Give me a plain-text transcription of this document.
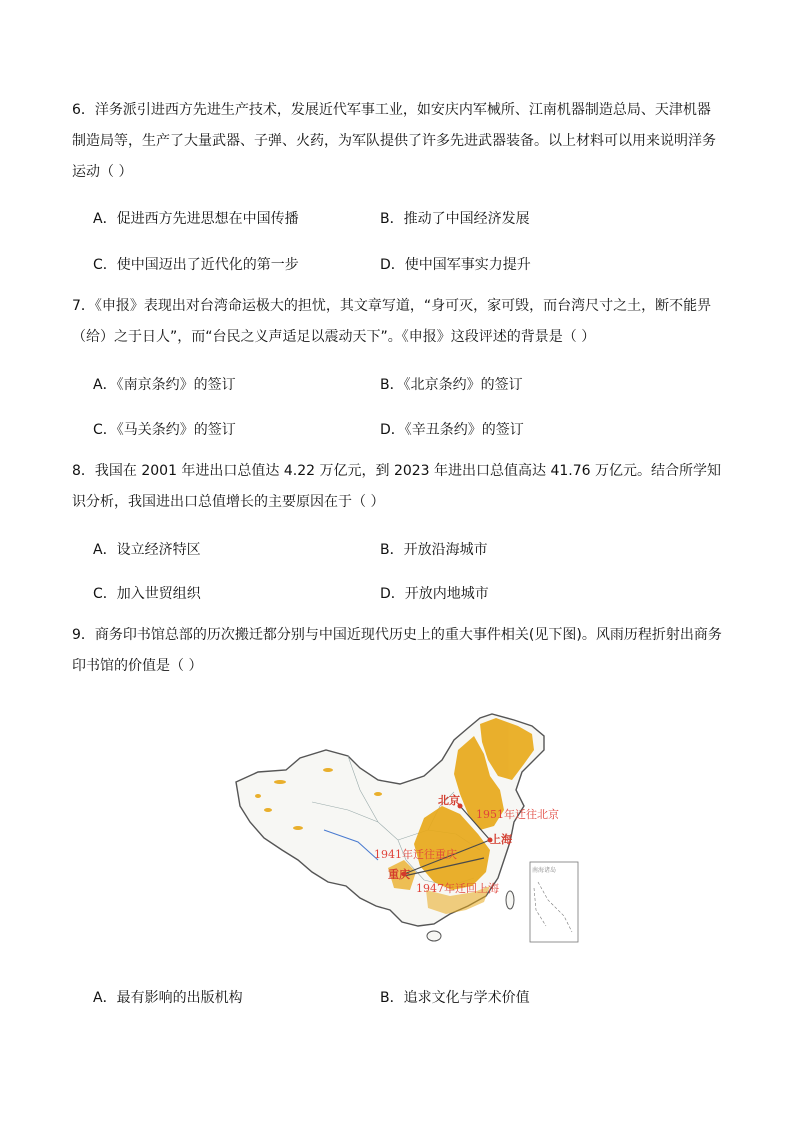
6．洋务派引进西方先进生产技术，发展近代军事工业，如安庆内军械所、江南机器制造总局、天津机器制造局等，生产了大量武器、子弹、火药，为军队提供了许多先进武器装备。以上材料可以用来说明洋务运动（ ）

A．促进西方先进思想在中国传播	B．推动了中国经济发展
C．使中国迈出了近代化的第一步	D．使中国军事实力提升

7．《申报》表现出对台湾命运极大的担忧，其文章写道，“身可灭，家可毁，而台湾尺寸之土，断不能畀（给）之于日人”，而“台民之义声适足以震动天下”。《申报》这段评述的背景是（ ）

A．《南京条约》的签订	B．《北京条约》的签订
C．《马关条约》的签订	D．《辛丑条约》的签订

8．我国在 2001 年进出口总值达 4.22 万亿元，到 2023 年进出口总值高达 41.76 万亿元。结合所学知识分析，我国进出口总值增长的主要原因在于（ ）

A．设立经济特区	B．开放沿海城市
C．加入世贸组织	D．开放内地城市

9．商务印书馆总部的历次搬迁都分别与中国近现代历史上的重大事件相关(见下图)。风雨历程折射出商务印书馆的价值是（ ）

南海诸岛
北京
上海
重庆
1951年迁往北京
1941年迁往重庆
1947年迁回上海
A．最有影响的出版机构	B．追求文化与学术价值
